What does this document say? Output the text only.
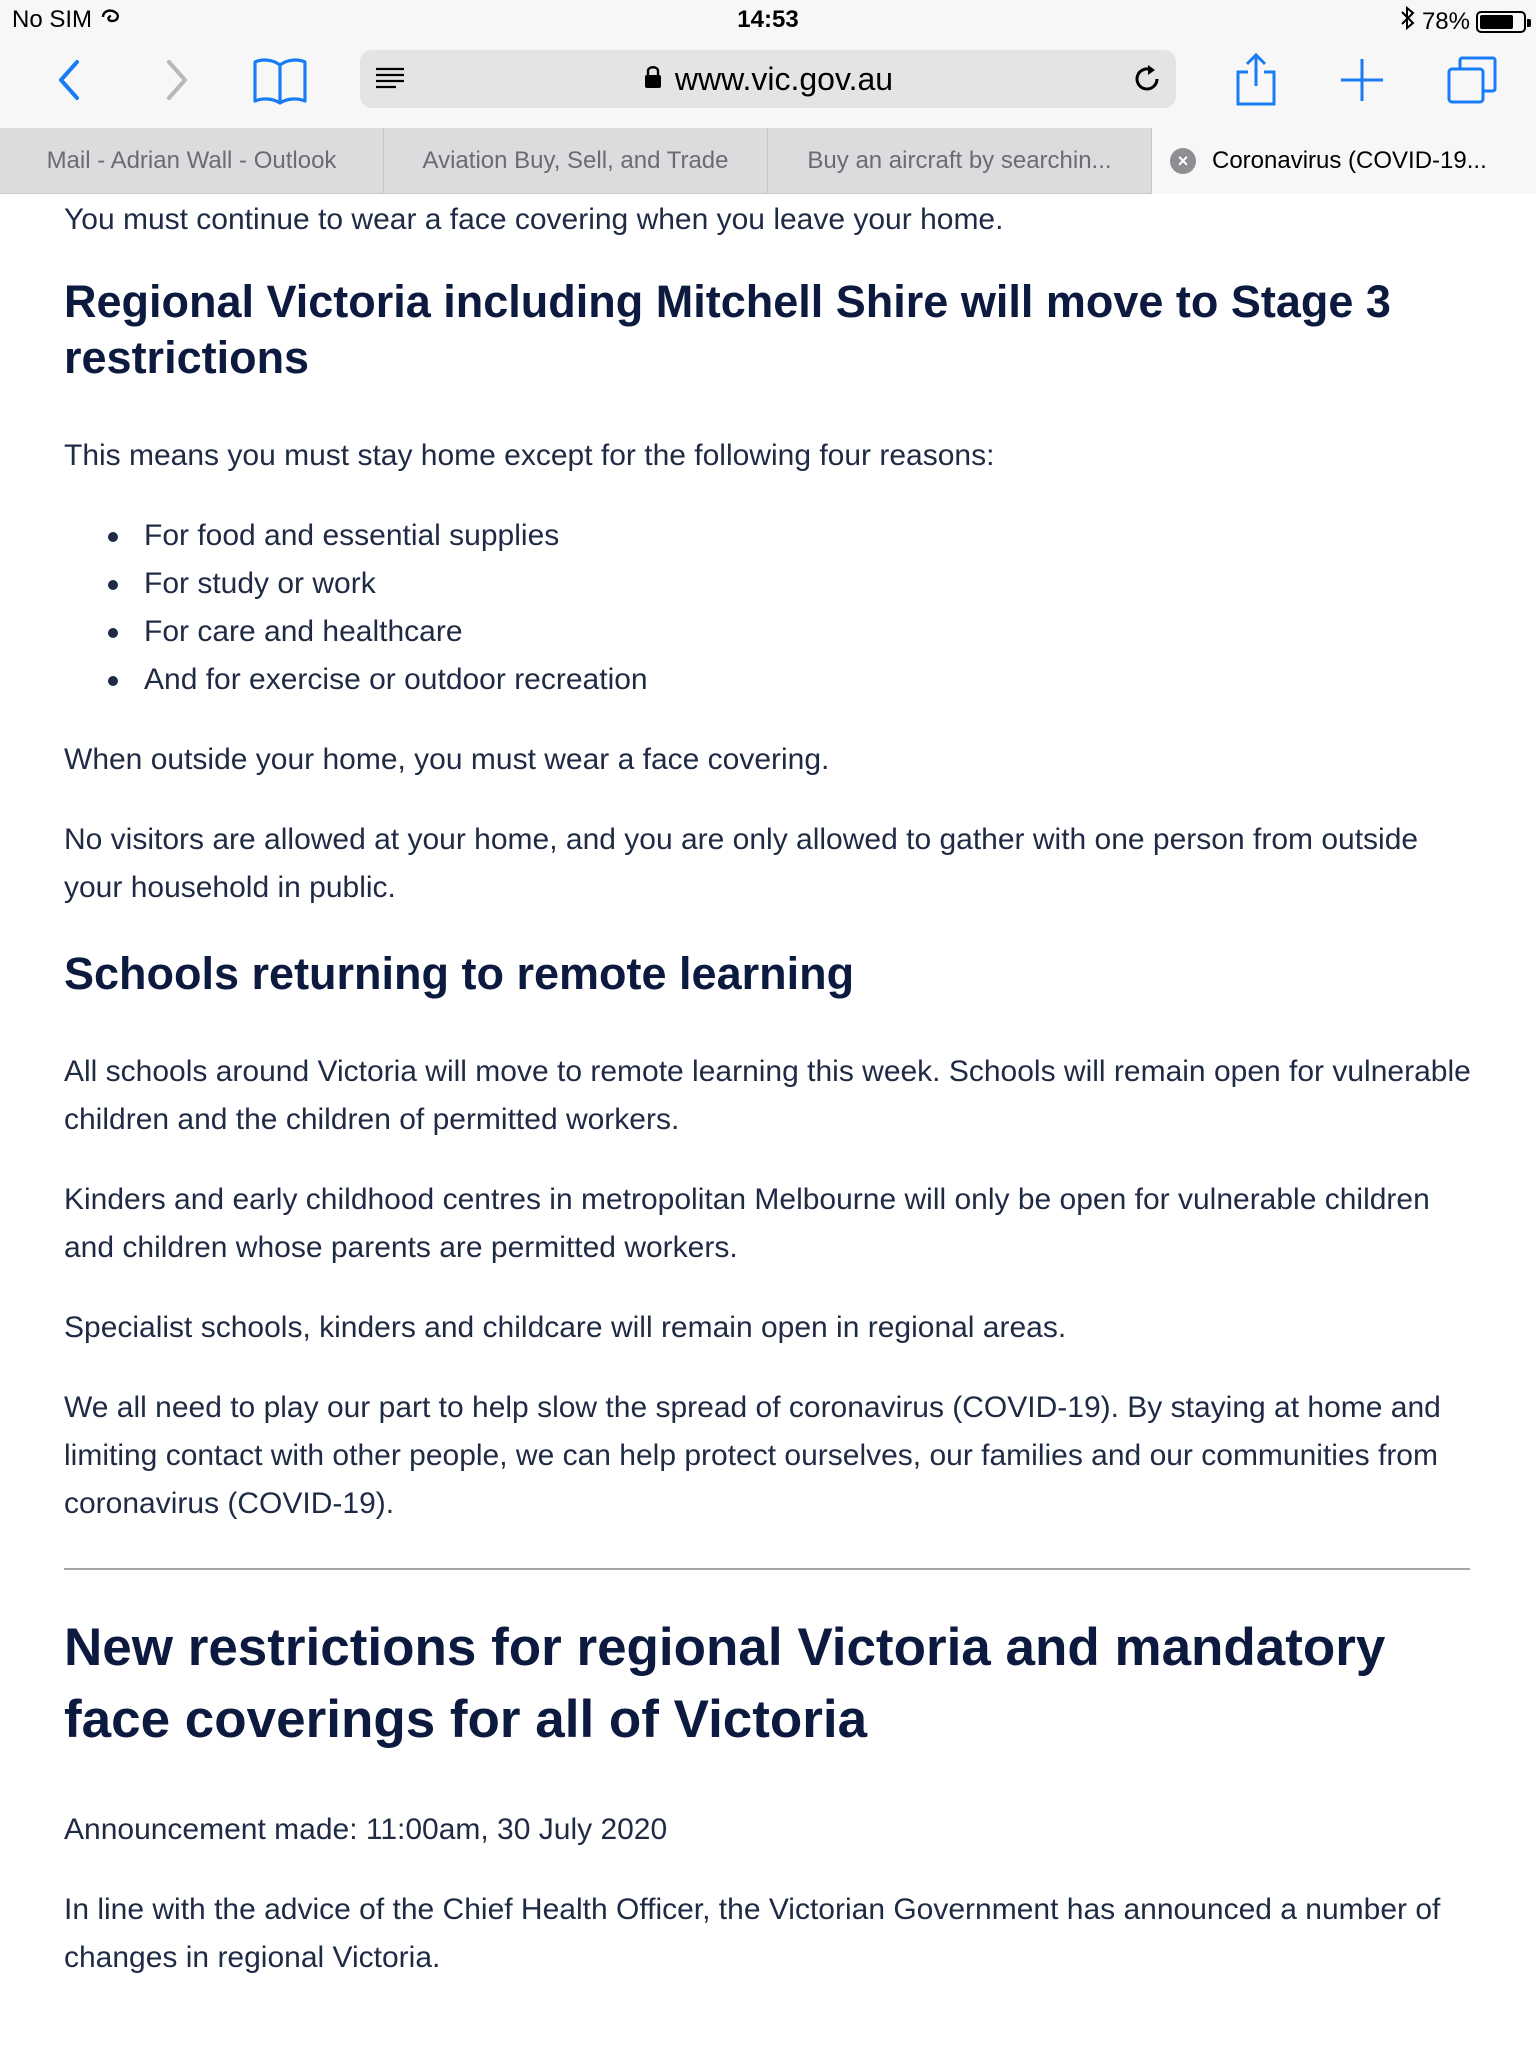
No SIM	14:53	78%
www.vic.gov.au
Mail - Adrian Wall - Outlook	Aviation Buy, Sell, and Trade	Buy an aircraft by searchin...	× Coronavirus (COVID-19...

You must continue to wear a face covering when you leave your home.

Regional Victoria including Mitchell Shire will move to Stage 3 restrictions

This means you must stay home except for the following four reasons:

For food and essential supplies
For study or work
For care and healthcare
And for exercise or outdoor recreation

When outside your home, you must wear a face covering.

No visitors are allowed at your home, and you are only allowed to gather with one person from outside your household in public.

Schools returning to remote learning

All schools around Victoria will move to remote learning this week. Schools will remain open for vulnerable children and the children of permitted workers.

Kinders and early childhood centres in metropolitan Melbourne will only be open for vulnerable children and children whose parents are permitted workers.

Specialist schools, kinders and childcare will remain open in regional areas.

We all need to play our part to help slow the spread of coronavirus (COVID-19). By staying at home and limiting contact with other people, we can help protect ourselves, our families and our communities from coronavirus (COVID-19).

New restrictions for regional Victoria and mandatory face coverings for all of Victoria

Announcement made: 11:00am, 30 July 2020

In line with the advice of the Chief Health Officer, the Victorian Government has announced a number of changes in regional Victoria.
